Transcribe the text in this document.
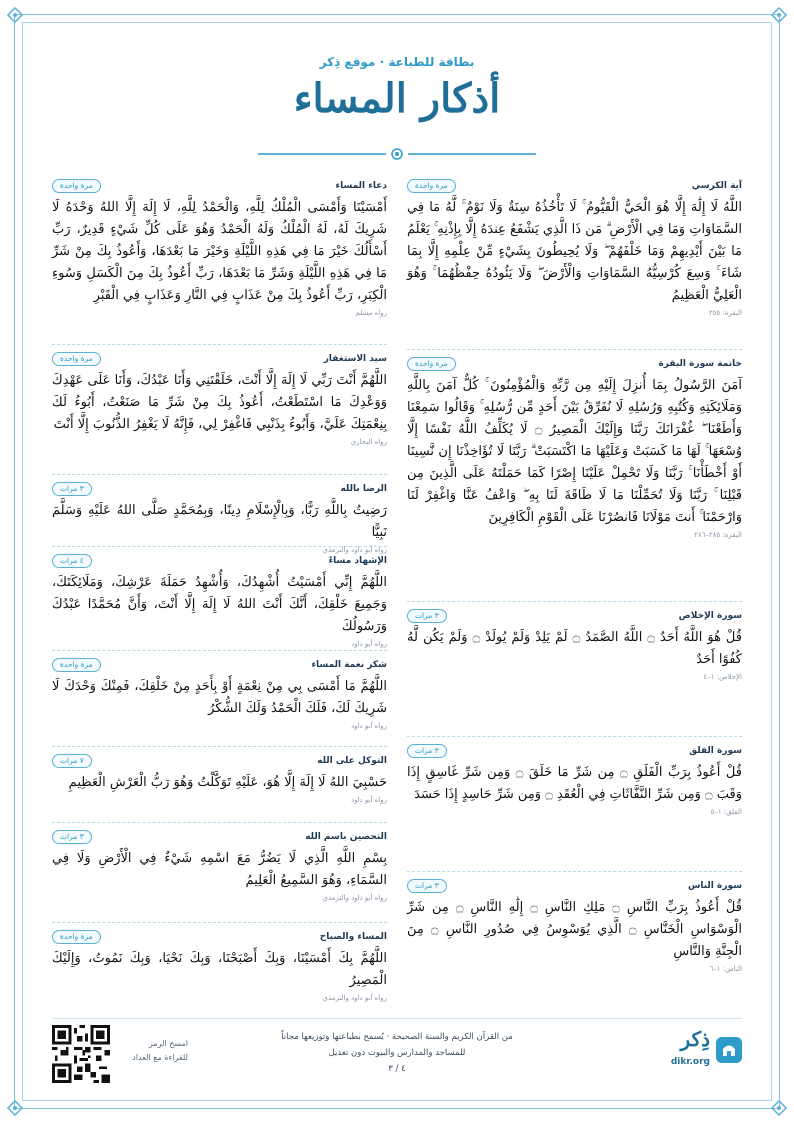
بطاقة للطباعة · موقع ذِكر
أذكار المساء
آية الكرسي
مرة واحدة
اللَّهُ لَا إِلَٰهَ إِلَّا هُوَ الْحَيُّ الْقَيُّومُ ۚ لَا تَأْخُذُهُ سِنَةٌ وَلَا نَوْمٌ ۚ لَّهُ مَا فِي السَّمَاوَاتِ وَمَا فِي الْأَرْضِ ۗ مَن ذَا الَّذِي يَشْفَعُ عِندَهُ إِلَّا بِإِذْنِهِ ۚ يَعْلَمُ مَا بَيْنَ أَيْدِيهِمْ وَمَا خَلْفَهُمْ ۖ وَلَا يُحِيطُونَ بِشَيْءٍ مِّنْ عِلْمِهِ إِلَّا بِمَا شَاءَ ۚ وَسِعَ كُرْسِيُّهُ السَّمَاوَاتِ وَالْأَرْضَ ۖ وَلَا يَئُودُهُ حِفْظُهُمَا ۚ وَهُوَ الْعَلِيُّ الْعَظِيمُ
البقرة: ٢٥٥
خاتمة سورة البقرة
مرة واحدة
آمَنَ الرَّسُولُ بِمَا أُنزِلَ إِلَيْهِ مِن رَّبِّهِ وَالْمُؤْمِنُونَ ۚ كُلٌّ آمَنَ بِاللَّهِ وَمَلَائِكَتِهِ وَكُتُبِهِ وَرُسُلِهِ لَا نُفَرِّقُ بَيْنَ أَحَدٍ مِّن رُّسُلِهِ ۚ وَقَالُوا سَمِعْنَا وَأَطَعْنَا ۖ غُفْرَانَكَ رَبَّنَا وَإِلَيْكَ الْمَصِيرُ ۝ لَا يُكَلِّفُ اللَّهُ نَفْسًا إِلَّا وُسْعَهَا ۚ لَهَا مَا كَسَبَتْ وَعَلَيْهَا مَا اكْتَسَبَتْ ۗ رَبَّنَا لَا تُؤَاخِذْنَا إِن نَّسِينَا أَوْ أَخْطَأْنَا ۚ رَبَّنَا وَلَا تَحْمِلْ عَلَيْنَا إِصْرًا كَمَا حَمَلْتَهُ عَلَى الَّذِينَ مِن قَبْلِنَا ۚ رَبَّنَا وَلَا تُحَمِّلْنَا مَا لَا طَاقَةَ لَنَا بِهِ ۖ وَاعْفُ عَنَّا وَاغْفِرْ لَنَا وَارْحَمْنَا ۚ أَنتَ مَوْلَانَا فَانصُرْنَا عَلَى الْقَوْمِ الْكَافِرِينَ
البقرة: ٢٨٥–٢٨٦
سورة الإخلاص
٣ مرات
قُلْ هُوَ اللَّهُ أَحَدٌ ۝ اللَّهُ الصَّمَدُ ۝ لَمْ يَلِدْ وَلَمْ يُولَدْ ۝ وَلَمْ يَكُن لَّهُ كُفُوًا أَحَدٌ
الإخلاص: ١–٤
سورة الفلق
٣ مرات
قُلْ أَعُوذُ بِرَبِّ الْفَلَقِ ۝ مِن شَرِّ مَا خَلَقَ ۝ وَمِن شَرِّ غَاسِقٍ إِذَا وَقَبَ ۝ وَمِن شَرِّ النَّفَّاثَاتِ فِي الْعُقَدِ ۝ وَمِن شَرِّ حَاسِدٍ إِذَا حَسَدَ
الفلق: ١–٥
سورة الناس
٣ مرات
قُلْ أَعُوذُ بِرَبِّ النَّاسِ ۝ مَلِكِ النَّاسِ ۝ إِلَٰهِ النَّاسِ ۝ مِن شَرِّ الْوَسْوَاسِ الْخَنَّاسِ ۝ الَّذِي يُوَسْوِسُ فِي صُدُورِ النَّاسِ ۝ مِنَ الْجِنَّةِ وَالنَّاسِ
الناس: ١–٦
دعاء المساء
مرة واحدة
أَمْسَيْنَا وَأَمْسَى الْمُلْكُ لِلَّهِ، وَالْحَمْدُ لِلَّهِ، لَا إِلَهَ إِلَّا اللهُ وَحْدَهُ لَا شَرِيكَ لَهُ، لَهُ الْمُلْكُ وَلَهُ الْحَمْدُ وَهُوَ عَلَى كُلِّ شَيْءٍ قَدِيرٌ، رَبِّ أَسْأَلُكَ خَيْرَ مَا فِي هَذِهِ اللَّيْلَةِ وَخَيْرَ مَا بَعْدَهَا، وَأَعُوذُ بِكَ مِنْ شَرِّ مَا فِي هَذِهِ اللَّيْلَةِ وَشَرِّ مَا بَعْدَهَا، رَبِّ أَعُوذُ بِكَ مِنَ الْكَسَلِ وَسُوءِ الْكِبَرِ، رَبِّ أَعُوذُ بِكَ مِنْ عَذَابٍ فِي النَّارِ وَعَذَابٍ فِي الْقَبْرِ
رواه مسلم
سيد الاستغفار
مرة واحدة
اللَّهُمَّ أَنْتَ رَبِّي لَا إِلَهَ إِلَّا أَنْتَ، خَلَقْتَنِي وَأَنَا عَبْدُكَ، وَأَنَا عَلَى عَهْدِكَ وَوَعْدِكَ مَا اسْتَطَعْتُ، أَعُوذُ بِكَ مِنْ شَرِّ مَا صَنَعْتُ، أَبُوءُ لَكَ بِنِعْمَتِكَ عَلَيَّ، وَأَبُوءُ بِذَنْبِي فَاغْفِرْ لِي، فَإِنَّهُ لَا يَغْفِرُ الذُّنُوبَ إِلَّا أَنْتَ
رواه البخاري
الرضا بالله
٣ مرات
رَضِيتُ بِاللَّهِ رَبًّا، وَبِالْإِسْلَامِ دِينًا، وَبِمُحَمَّدٍ صَلَّى اللهُ عَلَيْهِ وَسَلَّمَ نَبِيًّا
رواه أبو داود والترمذي
الإشهاد مساءً
٤ مرات
اللَّهُمَّ إِنِّي أَمْسَيْتُ أُشْهِدُكَ، وَأُشْهِدُ حَمَلَةَ عَرْشِكَ، وَمَلَائِكَتَكَ، وَجَمِيعَ خَلْقِكَ، أَنَّكَ أَنْتَ اللهُ لَا إِلَهَ إِلَّا أَنْتَ، وَأَنَّ مُحَمَّدًا عَبْدُكَ وَرَسُولُكَ
رواه أبو داود
شكر نعمة المساء
مرة واحدة
اللَّهُمَّ مَا أَمْسَى بِي مِنْ نِعْمَةٍ أَوْ بِأَحَدٍ مِنْ خَلْقِكَ، فَمِنْكَ وَحْدَكَ لَا شَرِيكَ لَكَ، فَلَكَ الْحَمْدُ وَلَكَ الشُّكْرُ
رواه أبو داود
التوكل على الله
٧ مرات
حَسْبِيَ اللهُ لَا إِلَهَ إِلَّا هُوَ، عَلَيْهِ تَوَكَّلْتُ وَهُوَ رَبُّ الْعَرْشِ الْعَظِيمِ
رواه أبو داود
التحصين باسم الله
٣ مرات
بِسْمِ اللَّهِ الَّذِي لَا يَضُرُّ مَعَ اسْمِهِ شَيْءٌ فِي الْأَرْضِ وَلَا فِي السَّمَاءِ، وَهُوَ السَّمِيعُ الْعَلِيمُ
رواه أبو داود والترمذي
المساء والصباح
مرة واحدة
اللَّهُمَّ بِكَ أَمْسَيْنَا، وَبِكَ أَصْبَحْنَا، وَبِكَ نَحْيَا، وَبِكَ نَمُوتُ، وَإِلَيْكَ الْمَصِيرُ
رواه أبو داود والترمذي
ذِكر
dikr.org
من القرآن الكريم والسنة الصحيحة · يُسمح بطباعتها وتوزيعها مجاناً
للمساجد والمدارس والبيوت دون تعديل
٤ / ٣
امسح الرمز
للقراءة مع العداد
